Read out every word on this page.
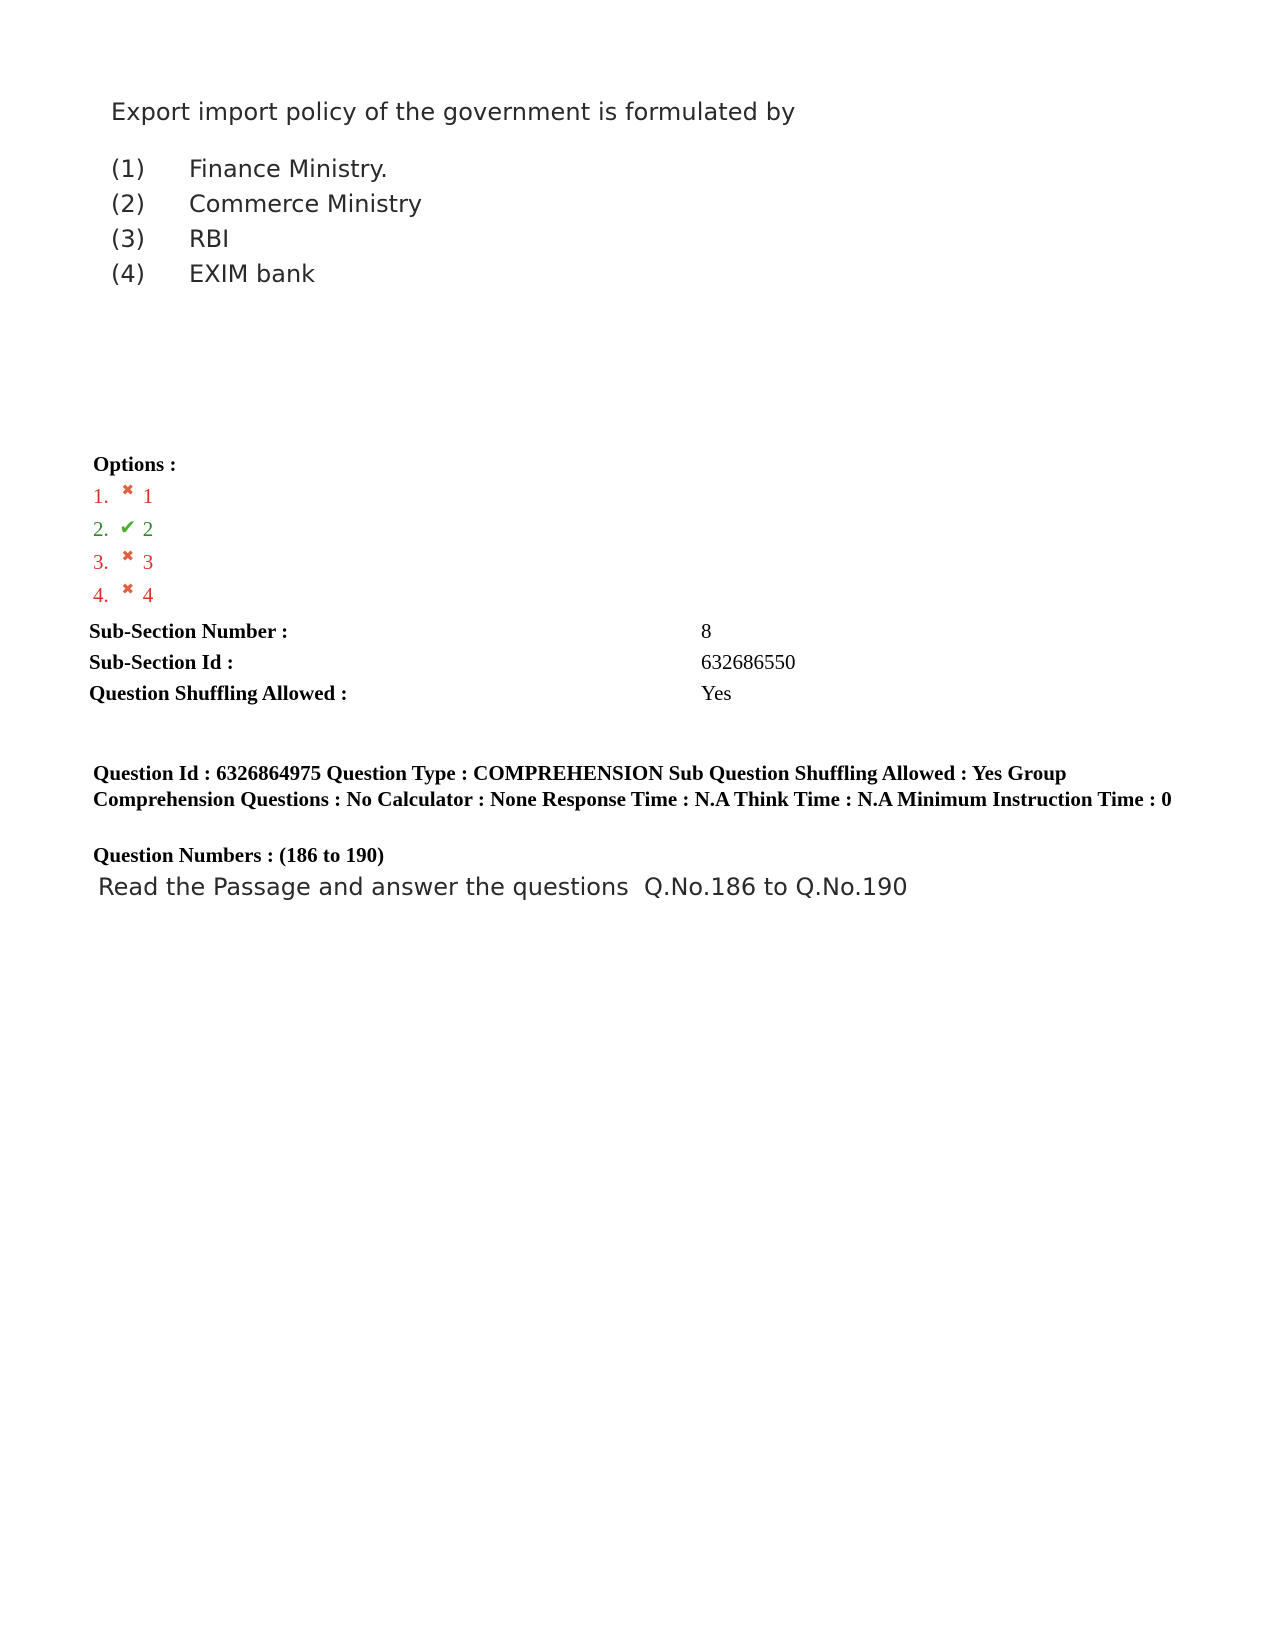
Export import policy of the government is formulated by
(1)	Finance Ministry.
(2)	Commerce Ministry
(3)	RBI
(4)	EXIM bank
Options :
1. ✖ 1
2. ✔ 2
3. ✖ 3
4. ✖ 4
Sub-Section Number :	8
Sub-Section Id :	632686550
Question Shuffling Allowed :	Yes
Question Id : 6326864975 Question Type : COMPREHENSION Sub Question Shuffling Allowed : Yes Group Comprehension Questions : No Calculator : None Response Time : N.A Think Time : N.A Minimum Instruction Time : 0
Question Numbers : (186 to 190)
Read the Passage and answer the questions  Q.No.186 to Q.No.190
